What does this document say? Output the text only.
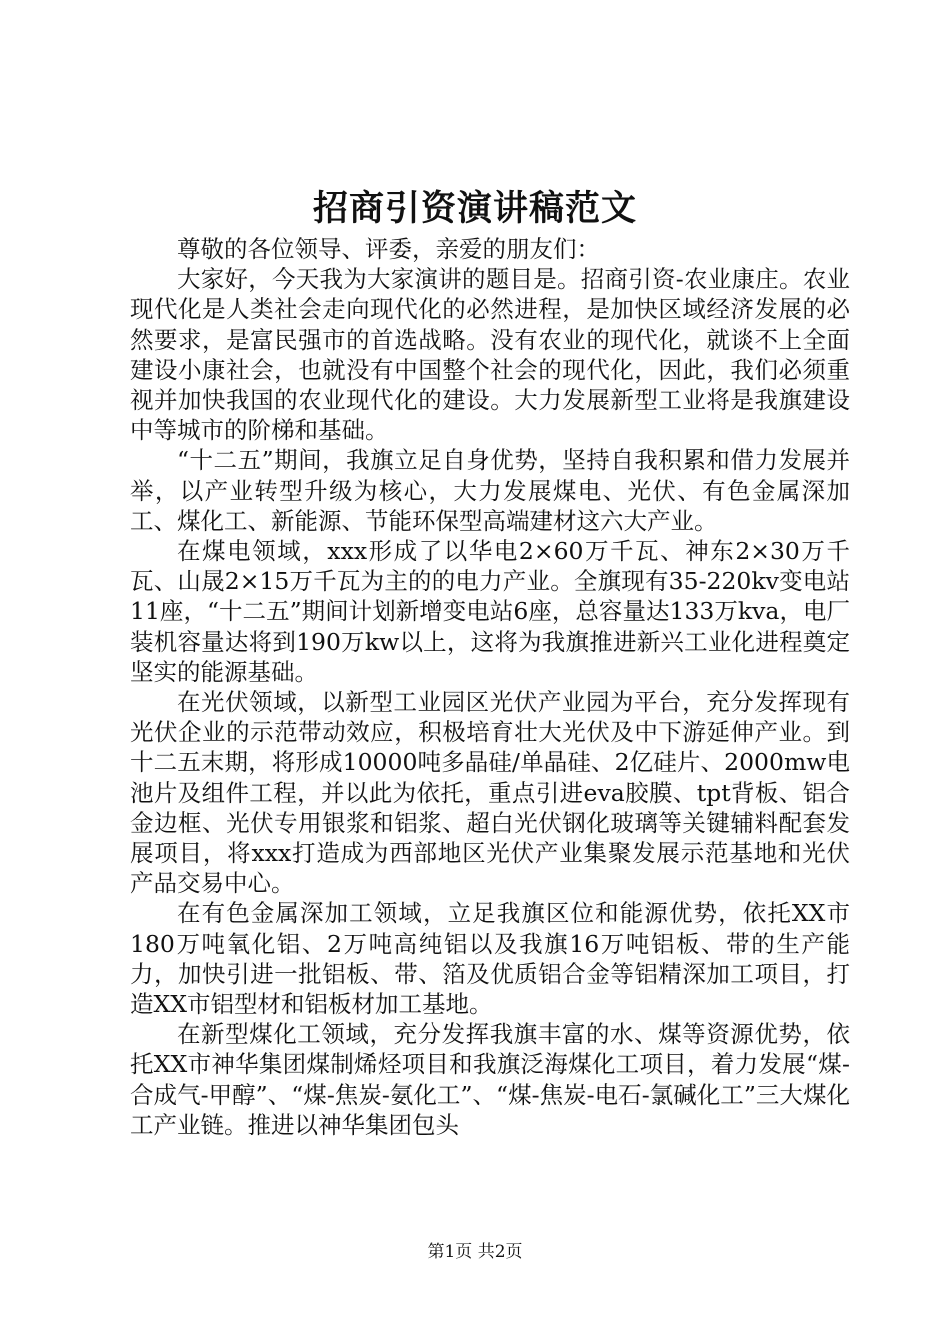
招商引资演讲稿范文

尊敬的各位领导、评委，亲爱的朋友们：

大家好，今天我为大家演讲的题目是。招商引资-农业康庄。农业现代化是人类社会走向现代化的必然进程，是加快区域经济发展的必然要求，是富民强市的首选战略。没有农业的现代化，就谈不上全面建设小康社会，也就没有中国整个社会的现代化，因此，我们必须重视并加快我国的农业现代化的建设。大力发展新型工业将是我旗建设中等城市的阶梯和基础。

“十二五”期间，我旗立足自身优势，坚持自我积累和借力发展并举，以产业转型升级为核心，大力发展煤电、光伏、有色金属深加工、煤化工、新能源、节能环保型高端建材这六大产业。

在煤电领域，xxx形成了以华电2×60万千瓦、神东2×30万千瓦、山晟2×15万千瓦为主的的电力产业。全旗现有35-220kv变电站11座，“十二五”期间计划新增变电站6座，总容量达133万kva，电厂装机容量达将到190万kw以上，这将为我旗推进新兴工业化进程奠定坚实的能源基础。

在光伏领域，以新型工业园区光伏产业园为平台，充分发挥现有光伏企业的示范带动效应，积极培育壮大光伏及中下游延伸产业。到十二五末期，将形成10000吨多晶硅/单晶硅、2亿硅片、2000mw电池片及组件工程，并以此为依托，重点引进eva胶膜、tpt背板、铝合金边框、光伏专用银浆和铝浆、超白光伏钢化玻璃等关键辅料配套发展项目，将xxx打造成为西部地区光伏产业集聚发展示范基地和光伏产品交易中心。

在有色金属深加工领域，立足我旗区位和能源优势，依托XX市180万吨氧化铝、2万吨高纯铝以及我旗16万吨铝板、带的生产能力，加快引进一批铝板、带、箔及优质铝合金等铝精深加工项目，打造XX市铝型材和铝板材加工基地。

在新型煤化工领域，充分发挥我旗丰富的水、煤等资源优势，依托XX市神华集团煤制烯烃项目和我旗泛海煤化工项目，着力发展“煤-合成气-甲醇”、“煤-焦炭-氨化工”、“煤-焦炭-电石-氯碱化工”三大煤化工产业链。推进以神华集团包头

第1页 共2页
